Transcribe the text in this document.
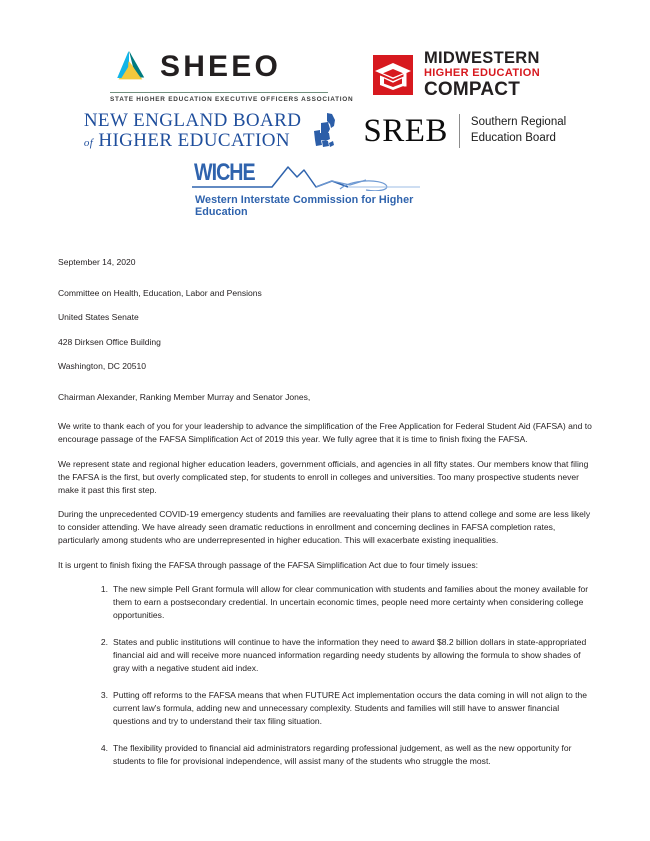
SHEEO
STATE HIGHER EDUCATION EXECUTIVE OFFICERS ASSOCIATION
MIDWESTERN
HIGHER EDUCATION
COMPACT
NEW ENGLAND BOARD
of HIGHER EDUCATION	SREB Southern Regional
Education Board
WICHE
Western Interstate Commission for Higher Education

September 14, 2020

Committee on Health, Education, Labor and Pensions

United States Senate

428 Dirksen Office Building

Washington, DC 20510

Chairman Alexander, Ranking Member Murray and Senator Jones,

We write to thank each of you for your leadership to advance the simplification of the Free Application for Federal Student Aid (FAFSA) and to encourage passage of the FAFSA Simplification Act of 2019 this year. We fully agree that it is time to finish fixing the FAFSA.

We represent state and regional higher education leaders, government officials, and agencies in all fifty states. Our members know that filing the FAFSA is the first, but overly complicated step, for students to enroll in colleges and universities. Too many prospective students never make it past this first step.

During the unprecedented COVID-19 emergency students and families are reevaluating their plans to attend college and some are less likely to consider attending. We have already seen dramatic reductions in enrollment and concerning declines in FAFSA completion rates, particularly among students who are underrepresented in higher education. This will exacerbate existing inequalities.

It is urgent to finish fixing the FAFSA through passage of the FAFSA Simplification Act due to four timely issues:

The new simple Pell Grant formula will allow for clear communication with students and families about the money available for them to earn a postsecondary credential. In uncertain economic times, people need more certainty when considering college opportunities.
States and public institutions will continue to have the information they need to award $8.2 billion dollars in state-appropriated financial aid and will receive more nuanced information regarding needy students by allowing the formula to show shades of gray with a negative student aid index.
Putting off reforms to the FAFSA means that when FUTURE Act implementation occurs the data coming in will not align to the current law's formula, adding new and unnecessary complexity. Students and families will still have to answer financial questions and try to understand their tax filing situation.
The flexibility provided to financial aid administrators regarding professional judgement, as well as the new opportunity for students to file for provisional independence, will assist many of the students who struggle the most.
